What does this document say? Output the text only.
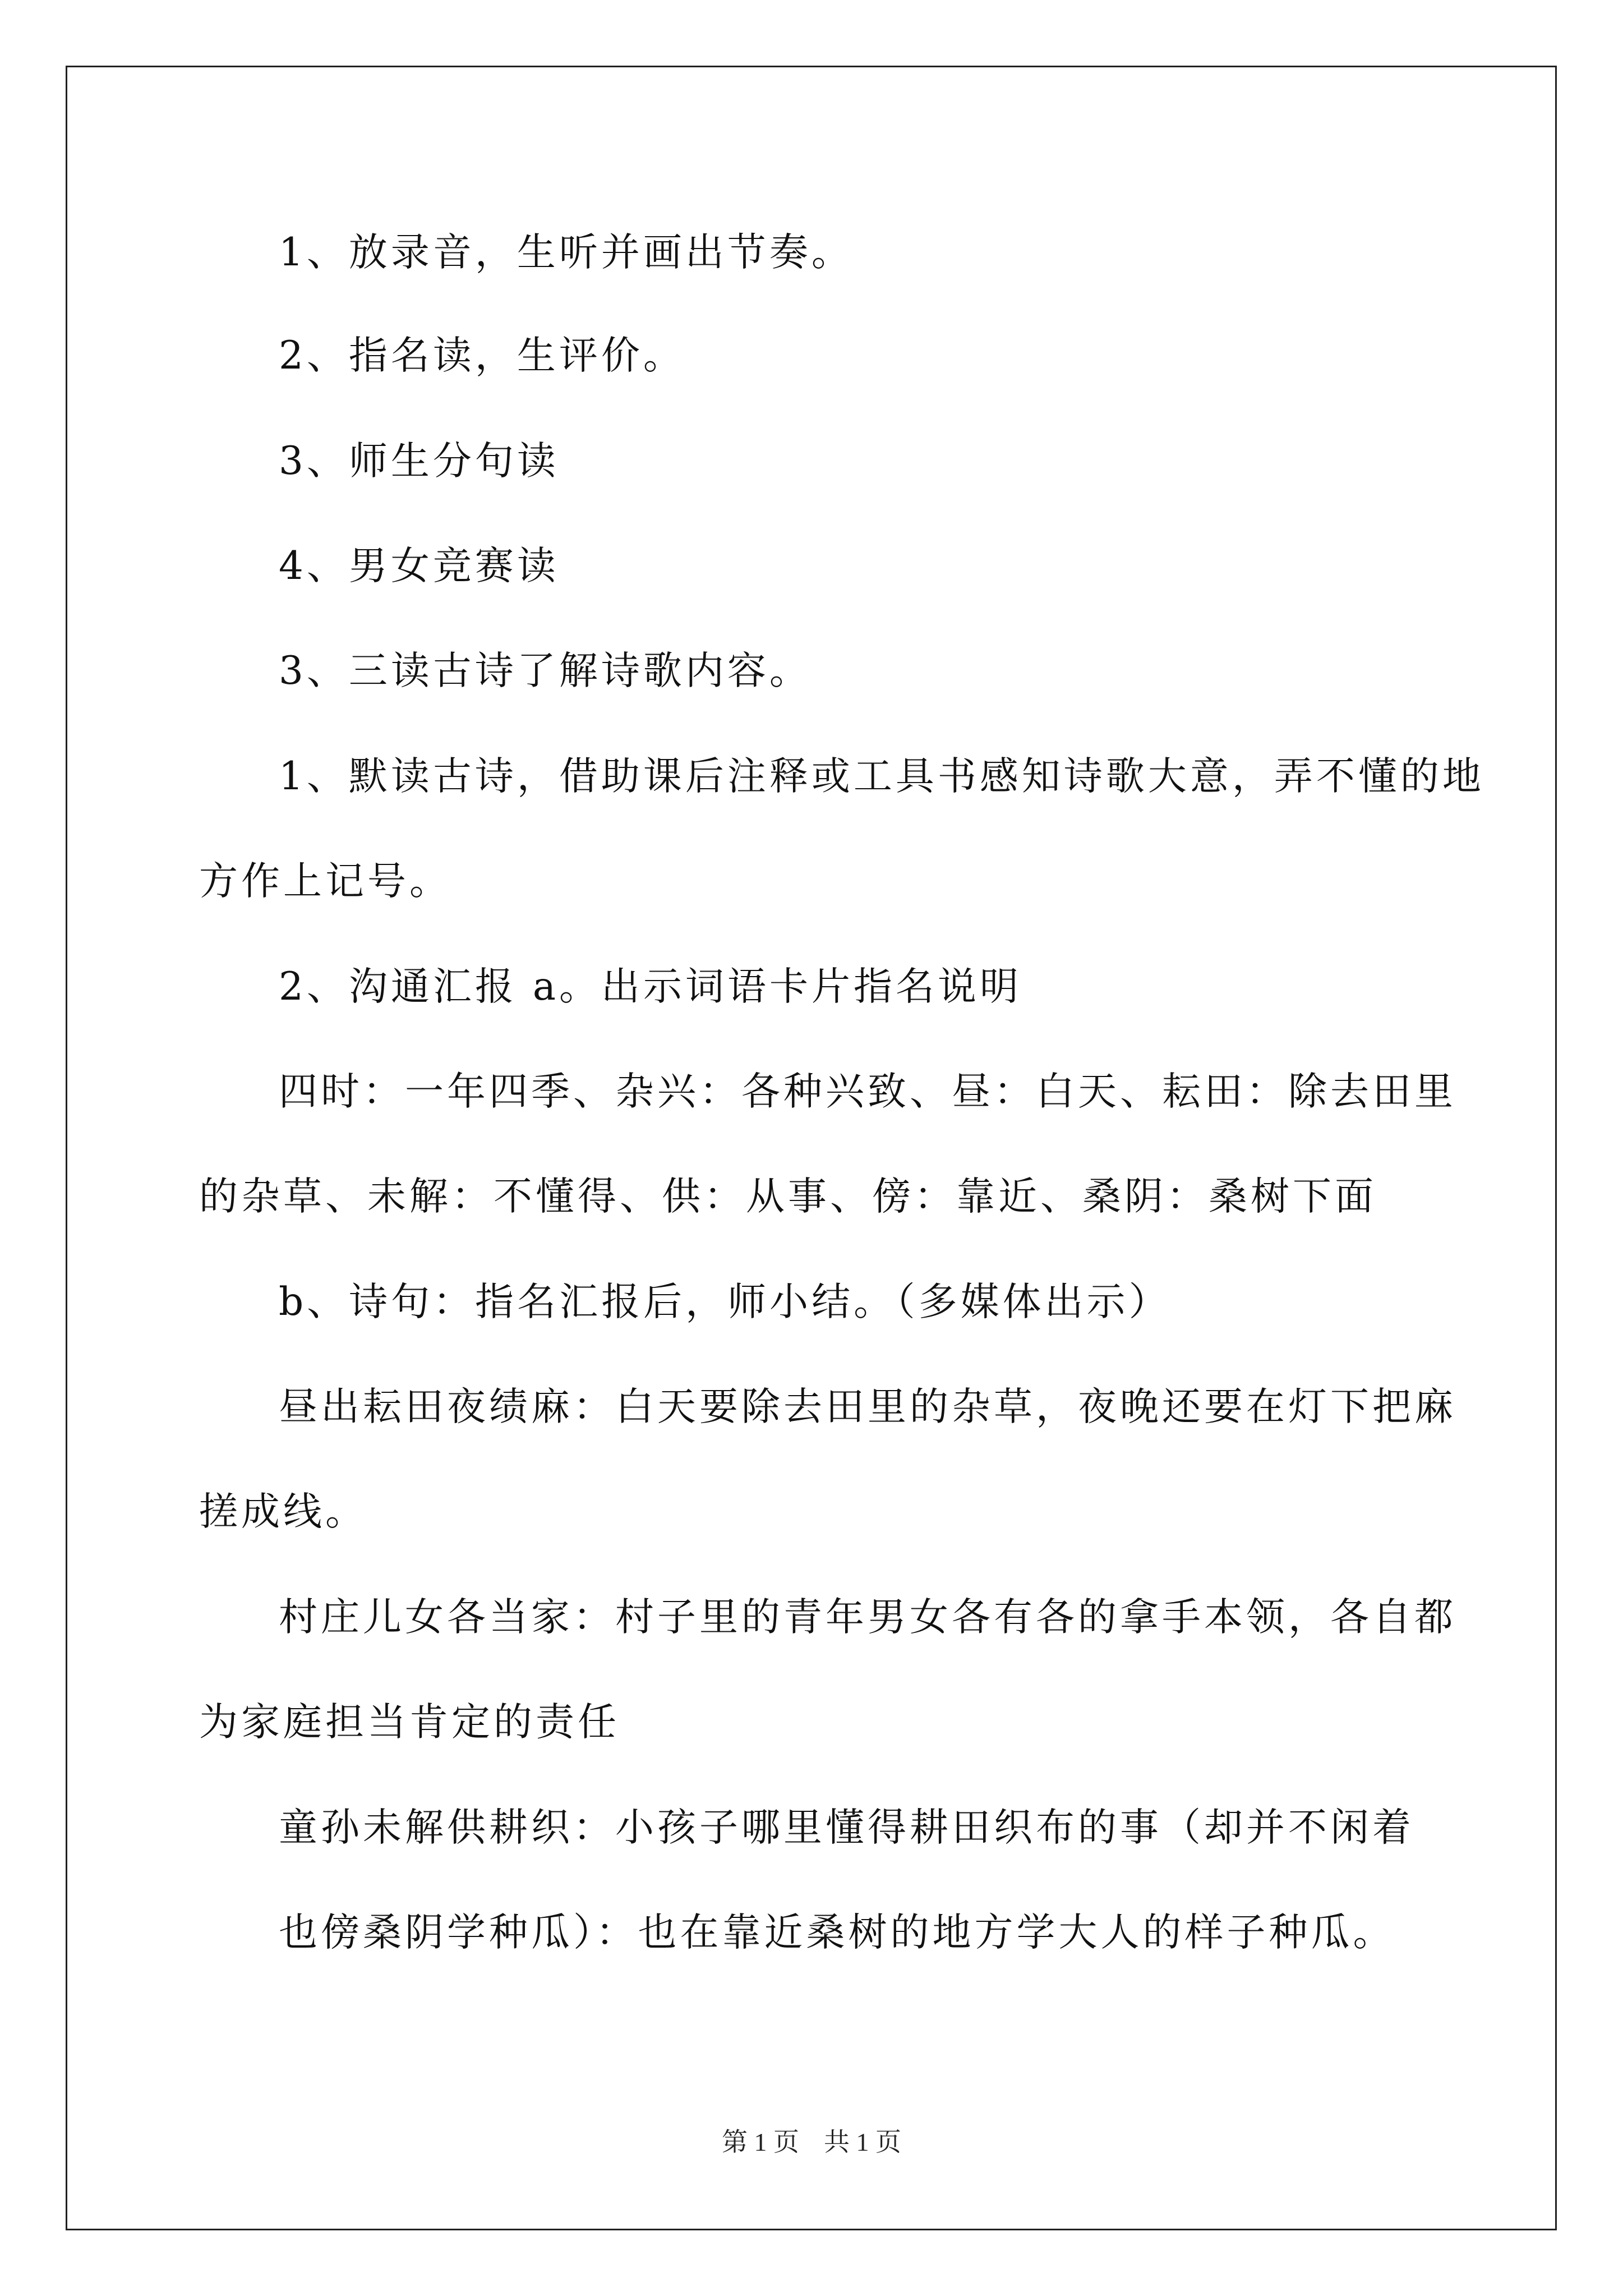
1、放录音，生听并画出节奏。
2、指名读，生评价。
3、师生分句读
4、男女竞赛读
3、三读古诗了解诗歌内容。
1、默读古诗，借助课后注释或工具书感知诗歌大意，弄不懂的地
方作上记号。
2、沟通汇报 a。出示词语卡片指名说明
四时：一年四季、杂兴：各种兴致、昼：白天、耘田：除去田里
的杂草、未解：不懂得、供：从事、傍：靠近、桑阴：桑树下面
b、诗句：指名汇报后，师小结。（多媒体出示）
昼出耘田夜绩麻：白天要除去田里的杂草，夜晚还要在灯下把麻
搓成线。
村庄儿女各当家：村子里的青年男女各有各的拿手本领，各自都
为家庭担当肯定的责任
童孙未解供耕织：小孩子哪里懂得耕田织布的事（却并不闲着
也傍桑阴学种瓜）：也在靠近桑树的地方学大人的样子种瓜。
第 1 页 共 1 页
